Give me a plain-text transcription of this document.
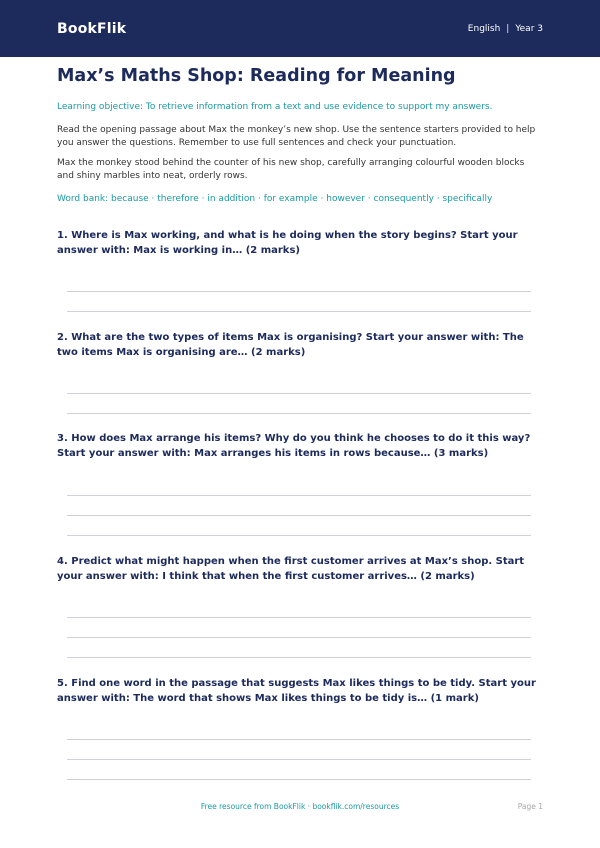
BookFlik	English | Year 3
Max’s Maths Shop: Reading for Meaning
Learning objective: To retrieve information from a text and use evidence to support my answers.
Read the opening passage about Max the monkey’s new shop. Use the sentence starters provided to help you answer the questions. Remember to use full sentences and check your punctuation.
Max the monkey stood behind the counter of his new shop, carefully arranging colourful wooden blocks and shiny marbles into neat, orderly rows.
Word bank: because · therefore · in addition · for example · however · consequently · specifically
1. Where is Max working, and what is he doing when the story begins? Start your answer with: Max is working in… (2 marks)
2. What are the two types of items Max is organising? Start your answer with: The two items Max is organising are… (2 marks)
3. How does Max arrange his items? Why do you think he chooses to do it this way? Start your answer with: Max arranges his items in rows because… (3 marks)
4. Predict what might happen when the first customer arrives at Max’s shop. Start your answer with: I think that when the first customer arrives… (2 marks)
5. Find one word in the passage that suggests Max likes things to be tidy. Start your answer with: The word that shows Max likes things to be tidy is… (1 mark)
Free resource from BookFlik · bookflik.com/resources	Page 1
